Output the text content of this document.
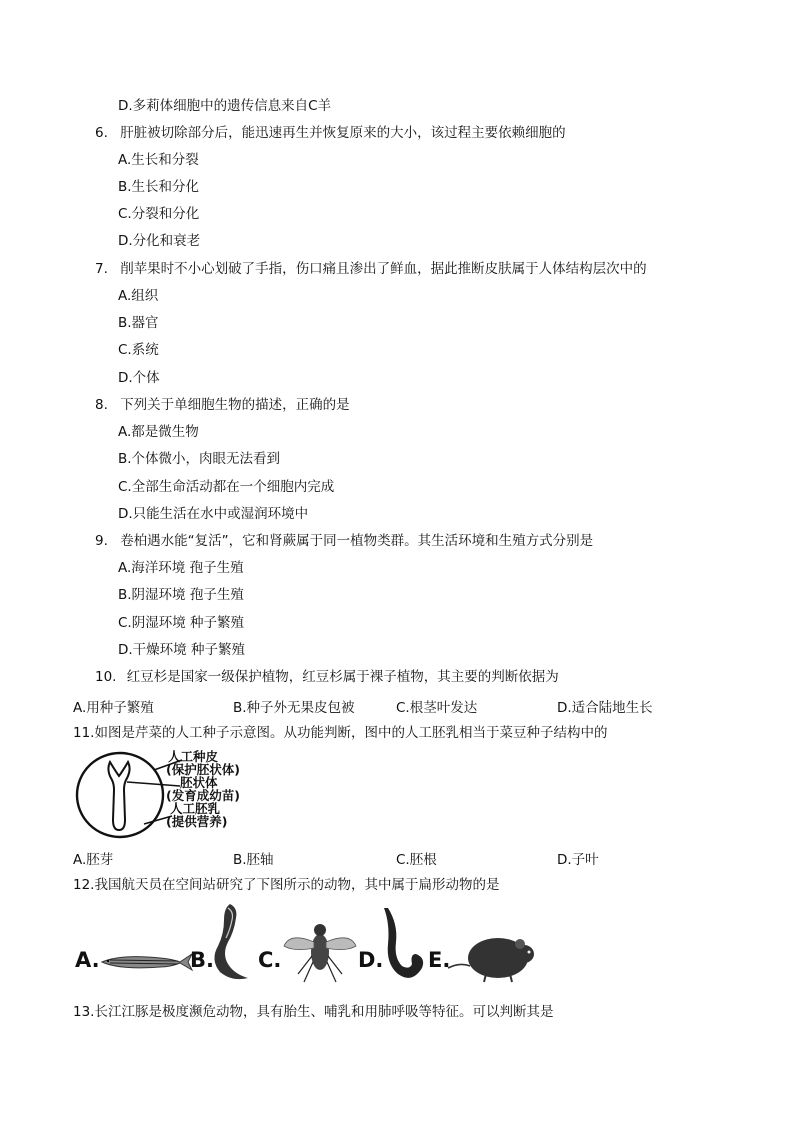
D.多莉体细胞中的遗传信息来自C羊
6. 肝脏被切除部分后，能迅速再生并恢复原来的大小，该过程主要依赖细胞的
A.生长和分裂
B.生长和分化
C.分裂和分化
D.分化和衰老
7. 削苹果时不小心划破了手指，伤口痛且渗出了鲜血，据此推断皮肤属于人体结构层次中的
A.组织
B.器官
C.系统
D.个体
8. 下列关于单细胞生物的描述，正确的是
A.都是微生物
B.个体微小，肉眼无法看到
C.全部生命活动都在一个细胞内完成
D.只能生活在水中或湿润环境中
9. 卷柏遇水能“复活”，它和肾蕨属于同一植物类群。其生活环境和生殖方式分别是
A.海洋环境 孢子生殖
B.阴湿环境 孢子生殖
C.阴湿环境 种子繁殖
D.干燥环境 种子繁殖
10. 红豆杉是国家一级保护植物，红豆杉属于裸子植物，其主要的判断依据为
A.用种子繁殖	B.种子外无果皮包被	C.根茎叶发达	D.适合陆地生长
11.如图是芹菜的人工种子示意图。从功能判断，图中的人工胚乳相当于菜豆种子结构中的
人工种皮
(保护胚状体)
胚状体
(发育成幼苗)
人工胚乳
(提供营养)
A.胚芽	B.胚轴	C.胚根	D.子叶
12.我国航天员在空间站研究了下图所示的动物，其中属于扁形动物的是
A.	B. C.	D. E.
13.长江江豚是极度濒危动物，具有胎生、哺乳和用肺呼吸等特征。可以判断其是
